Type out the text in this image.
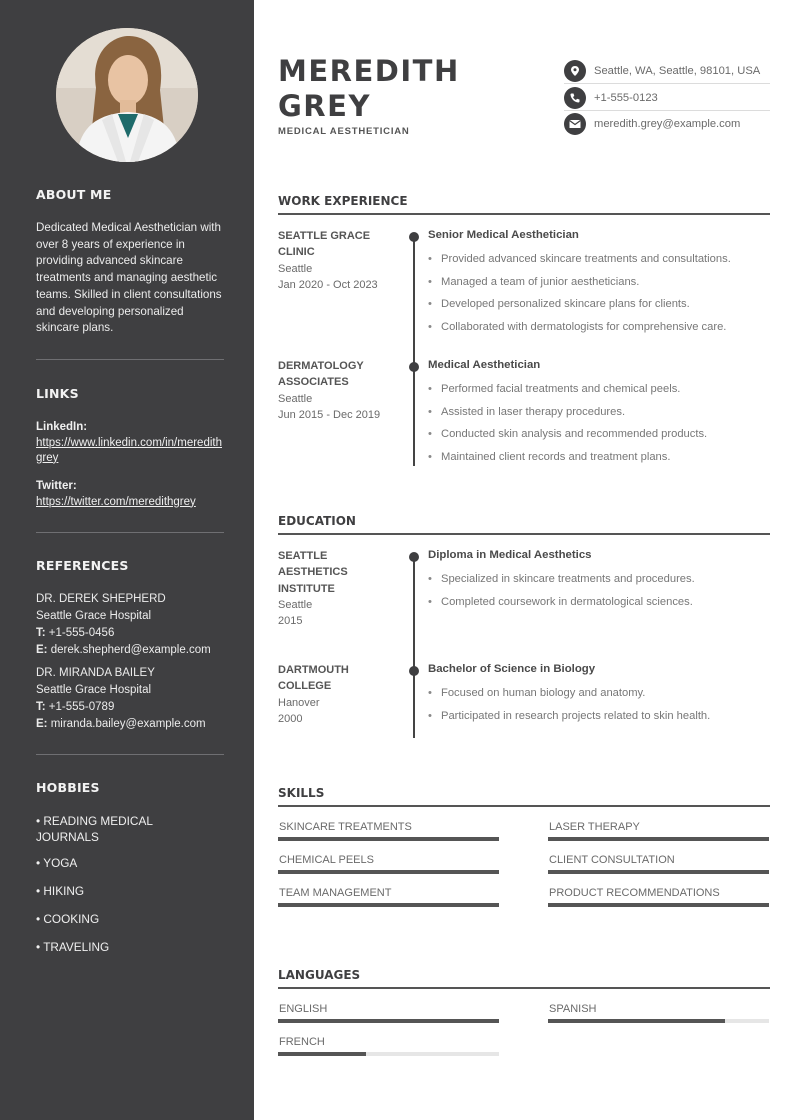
ABOUT ME
Dedicated Medical Aesthetician with over 8 years of experience in providing advanced skincare treatments and managing aesthetic teams. Skilled in client consultations and developing personalized skincare plans.
LINKS
LinkedIn:
https://www.linkedin.com/in/meredithgrey
Twitter:
https://twitter.com/meredithgrey
REFERENCES
DR. DEREK SHEPHERD
Seattle Grace Hospital
T: +1-555-0456
E: derek.shepherd@example.com
DR. MIRANDA BAILEY
Seattle Grace Hospital
T: +1-555-0789
E: miranda.bailey@example.com
HOBBIES
• READING MEDICAL JOURNALS
• YOGA
• HIKING
• COOKING
• TRAVELING
MEREDITH
GREY
MEDICAL AESTHETICIAN
Seattle, WA, Seattle, 98101, USA
+1-555-0123
meredith.grey@example.com
WORK EXPERIENCE
SEATTLE GRACE CLINIC
Seattle
Jan 2020 - Oct 2023
Senior Medical Aesthetician
• Provided advanced skincare treatments and consultations.
• Managed a team of junior aestheticians.
• Developed personalized skincare plans for clients.
• Collaborated with dermatologists for comprehensive care.
DERMATOLOGY ASSOCIATES
Seattle
Jun 2015 - Dec 2019
Medical Aesthetician
• Performed facial treatments and chemical peels.
• Assisted in laser therapy procedures.
• Conducted skin analysis and recommended products.
• Maintained client records and treatment plans.
EDUCATION
SEATTLE AESTHETICS INSTITUTE
Seattle
2015
Diploma in Medical Aesthetics
• Specialized in skincare treatments and procedures.
• Completed coursework in dermatological sciences.
DARTMOUTH COLLEGE
Hanover
2000
Bachelor of Science in Biology
• Focused on human biology and anatomy.
• Participated in research projects related to skin health.
SKILLS
SKINCARE TREATMENTS	LASER THERAPY
CHEMICAL PEELS	CLIENT CONSULTATION
TEAM MANAGEMENT	PRODUCT RECOMMENDATIONS
LANGUAGES
ENGLISH	SPANISH
FRENCH
